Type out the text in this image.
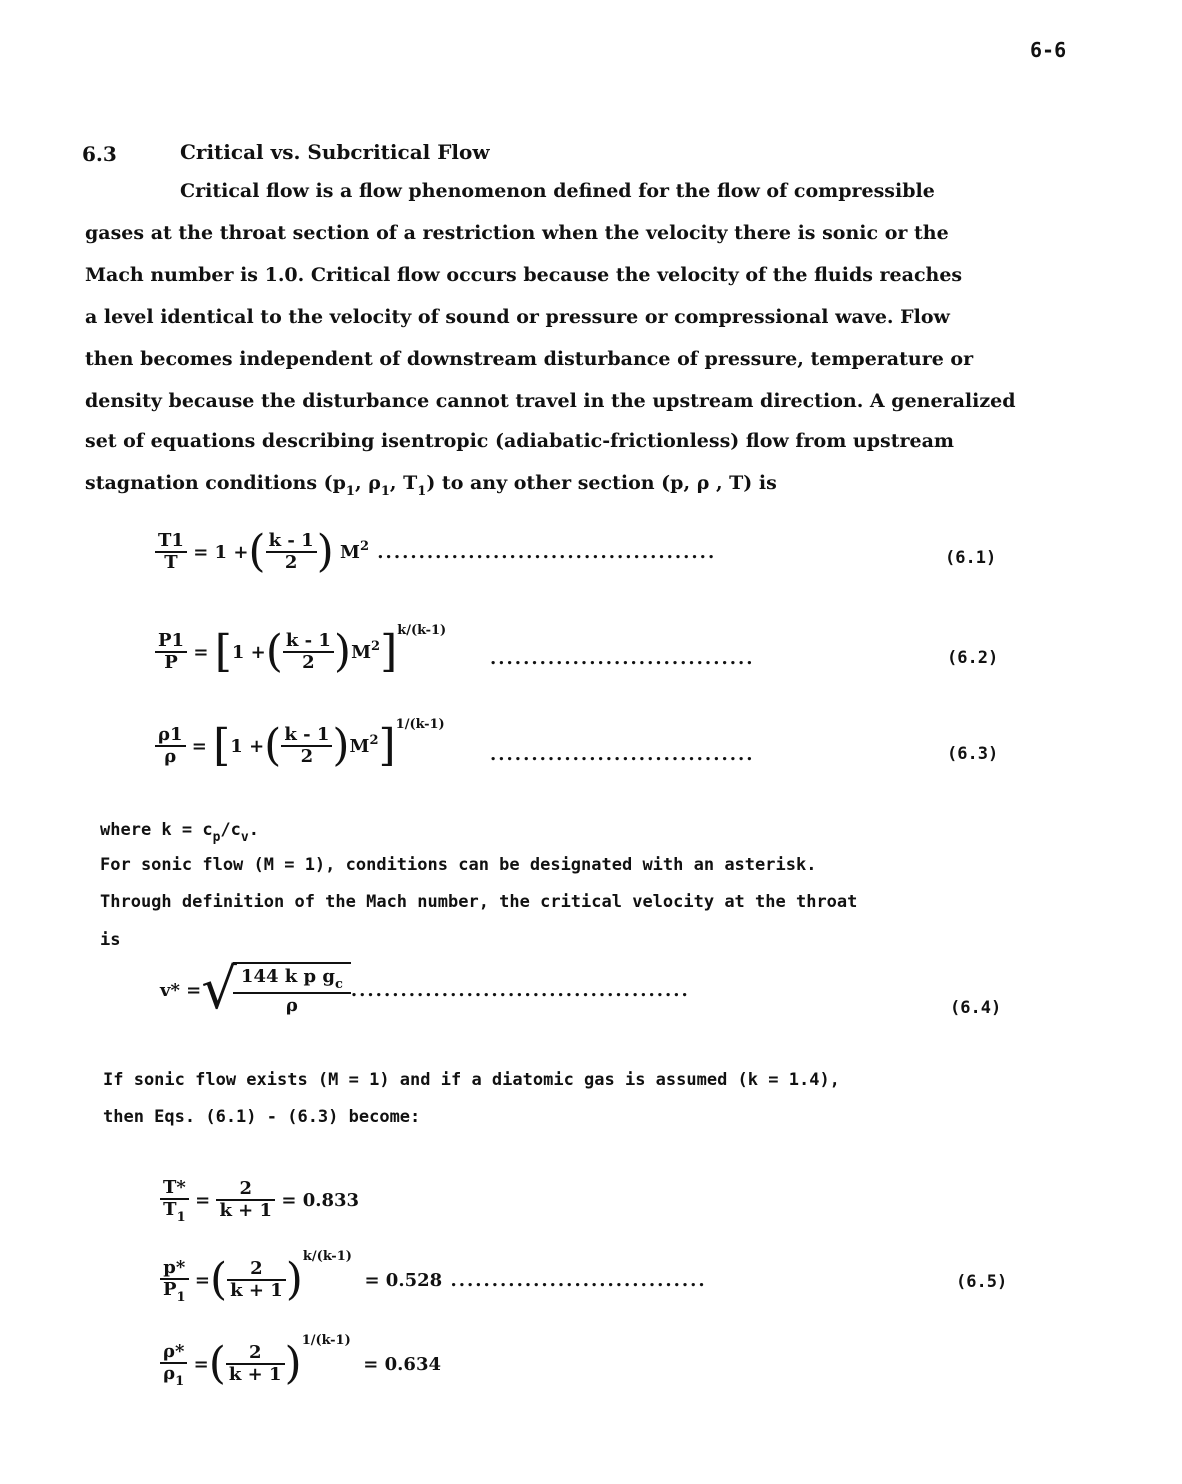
6-6
6.3	Critical vs. Subcritical Flow
Critical flow is a flow phenomenon defined for the flow of compressible
gases at the throat section of a restriction when the velocity there is sonic or the
Mach number is 1.0. Critical flow occurs because the velocity of the fluids reaches
a level identical to the velocity of sound or pressure or compressional wave. Flow
then becomes independent of downstream disturbance of pressure, temperature or
density because the disturbance cannot travel in the upstream direction. A generalized
set of equations describing isentropic (adiabatic-frictionless) flow from upstream
stagnation conditions ($p_1$, $\rho_1$, $T_1$) to any other section (p, ρ , T) is
$\frac{T1}{T} = 1$ + ( $\frac{k - 1}{2}$ ) $M^2$ .........................................	(6.1)
$\frac{P1}{P}$ = [ 1 + ( $\frac{k - 1}{2}$ ) $M^2$ ] k/(k-1)
................................	(6.2)
$\frac{\rho 1}{\rho}$ = [ 1 + ( $\frac{k - 1}{2}$ ) $M^2$ ] 1/(k-1)
................................	(6.3)
where $k = c_p/c_v$.
For sonic flow (M = 1), conditions can be designated with an asterisk.
Through definition of the Mach number, the critical velocity at the throat
is
v* = √
$\frac{144 k p g_c}{\rho}$ .........................................
(6.4)
If sonic flow exists (M = 1) and if a diatomic gas is assumed (k = 1.4),
then Eqs. (6.1) - (6.3) become:
$\frac{T*}{T_1} = \frac{2}{k + 1}$
= 0.833
$\frac{p*}{P_1}$ = ( $\frac{2}{k + 1}$ ) k/(k-1)

= 0.528 ...............................	(6.5)
$\frac{\rho*}{\rho_1}$ = ( $\frac{2}{k + 1}$ ) 1/(k-1)

= 0.634
